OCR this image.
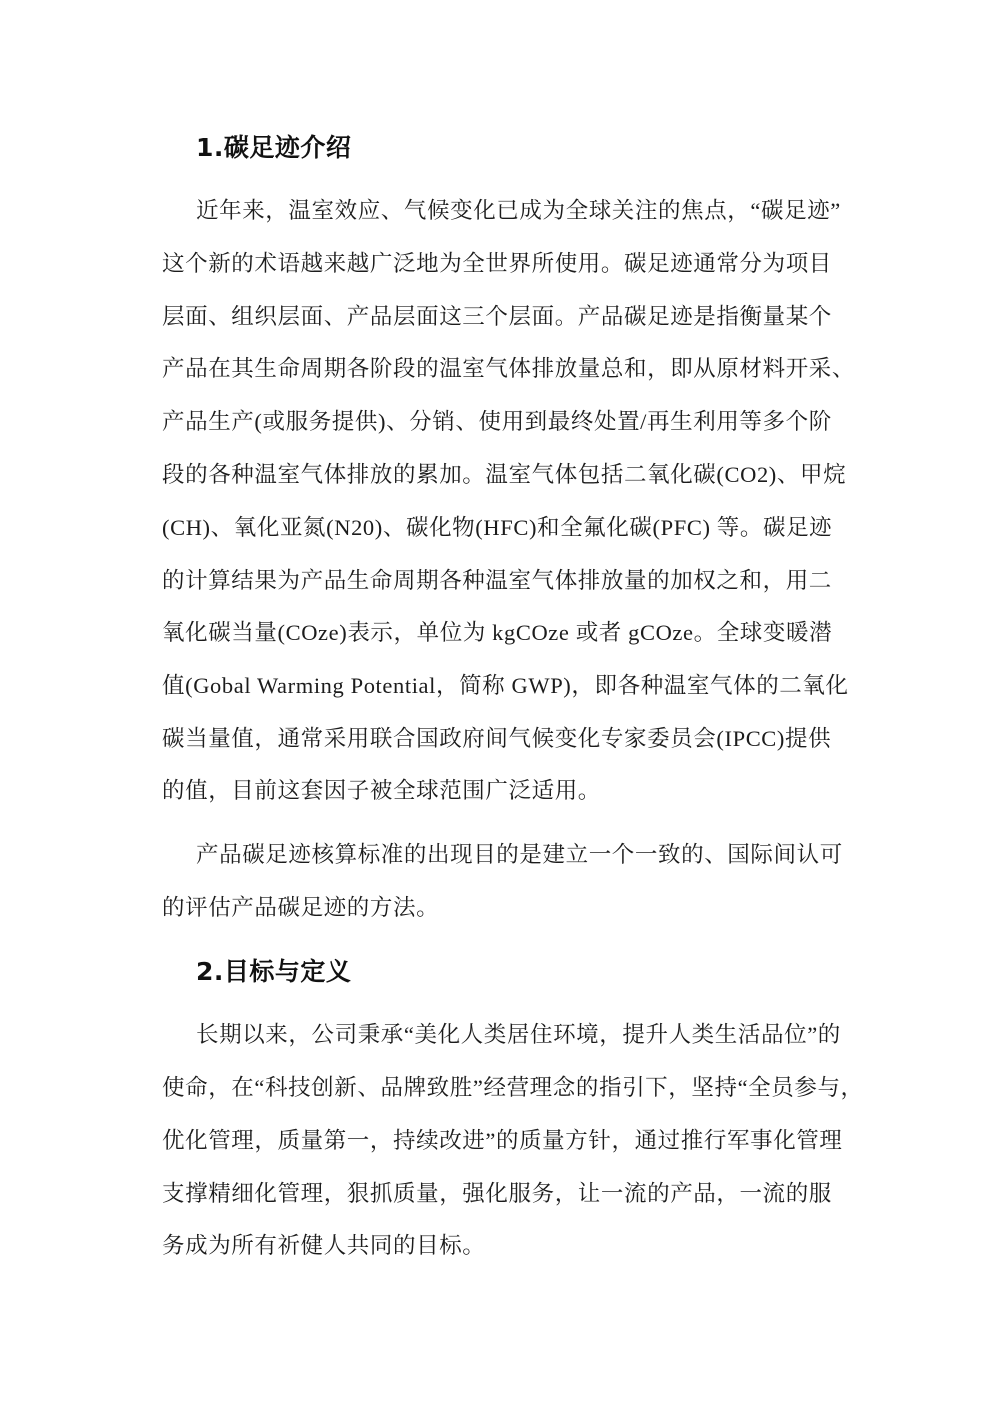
1.碳足迹介绍
近年来，温室效应、气候变化已成为全球关注的焦点，“碳足迹”
这个新的术语越来越广泛地为全世界所使用。碳足迹通常分为项目
层面、组织层面、产品层面这三个层面。产品碳足迹是指衡量某个
产品在其生命周期各阶段的温室气体排放量总和，即从原材料开采、
产品生产(或服务提供)、分销、使用到最终处置/再生利用等多个阶
段的各种温室气体排放的累加。温室气体包括二氧化碳(CO2)、甲烷
(CH)、氧化亚氮(N20)、碳化物(HFC)和全氟化碳(PFC) 等。碳足迹
的计算结果为产品生命周期各种温室气体排放量的加权之和，用二
氧化碳当量(COze)表示，单位为 kgCOze 或者 gCOze。全球变暖潜
值(Gobal Warming Potential，简称 GWP)，即各种温室气体的二氧化
碳当量值，通常采用联合国政府间气候变化专家委员会(IPCC)提供
的值，目前这套因子被全球范围广泛适用。
产品碳足迹核算标准的出现目的是建立一个一致的、国际间认可
的评估产品碳足迹的方法。
2.目标与定义
长期以来，公司秉承“美化人类居住环境，提升人类生活品位”的
使命，在“科技创新、品牌致胜”经营理念的指引下，坚持“全员参与，
优化管理，质量第一，持续改进”的质量方针，通过推行军事化管理
支撑精细化管理，狠抓质量，强化服务，让一流的产品，一流的服
务成为所有祈健人共同的目标。
